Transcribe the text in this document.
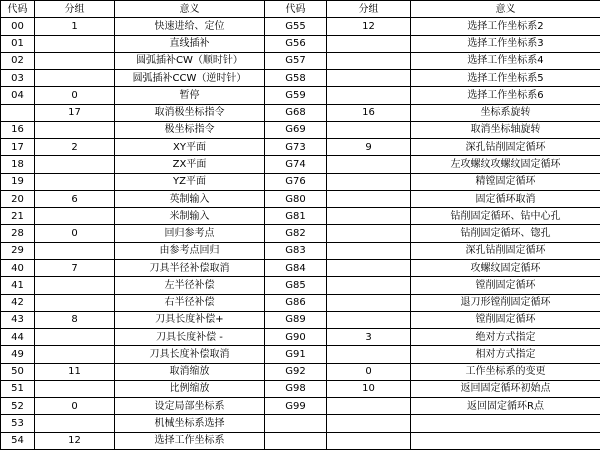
代码	分组	意义	代码	分组	意义
00	1	快速进给、定位	G55	12	选择工作坐标系2
01		直线插补	G56		选择工作坐标系3
02		圆弧插补CW（顺时针）	G57		选择工作坐标系4
03		圆弧插补CCW（逆时针）	G58		选择工作坐标系5
04	0	暂停	G59		选择工作坐标系6
	17	取消极坐标指令	G68	16	坐标系旋转
16		极坐标指令	G69		取消坐标轴旋转
17	2	XY平面	G73	9	深孔钻削固定循环
18		ZX平面	G74		左攻螺纹攻螺纹固定循环
19		YZ平面	G76		精镗固定循环
20	6	英制输入	G80		固定循环取消
21		米制输入	G81		钻削固定循环、钻中心孔
28	0	回归参考点	G82		钻削固定循环、锪孔
29		由参考点回归	G83		深孔钻削固定循环
40	7	刀具半径补偿取消	G84		攻螺纹固定循环
41		左半径补偿	G85		镗削固定循环
42		右半径补偿	G86		退刀形镗削固定循环
43	8	刀具长度补偿+	G89		镗削固定循环
44		刀具长度补偿 -	G90	3	绝对方式指定
49		刀具长度补偿取消	G91		相对方式指定
50	11	取消缩放	G92	0	工作坐标系的变更
51		比例缩放	G98	10	返回固定循环初始点
52	0	设定局部坐标系	G99		返回固定循环R点
53		机械坐标系选择			
54	12	选择工作坐标系			
